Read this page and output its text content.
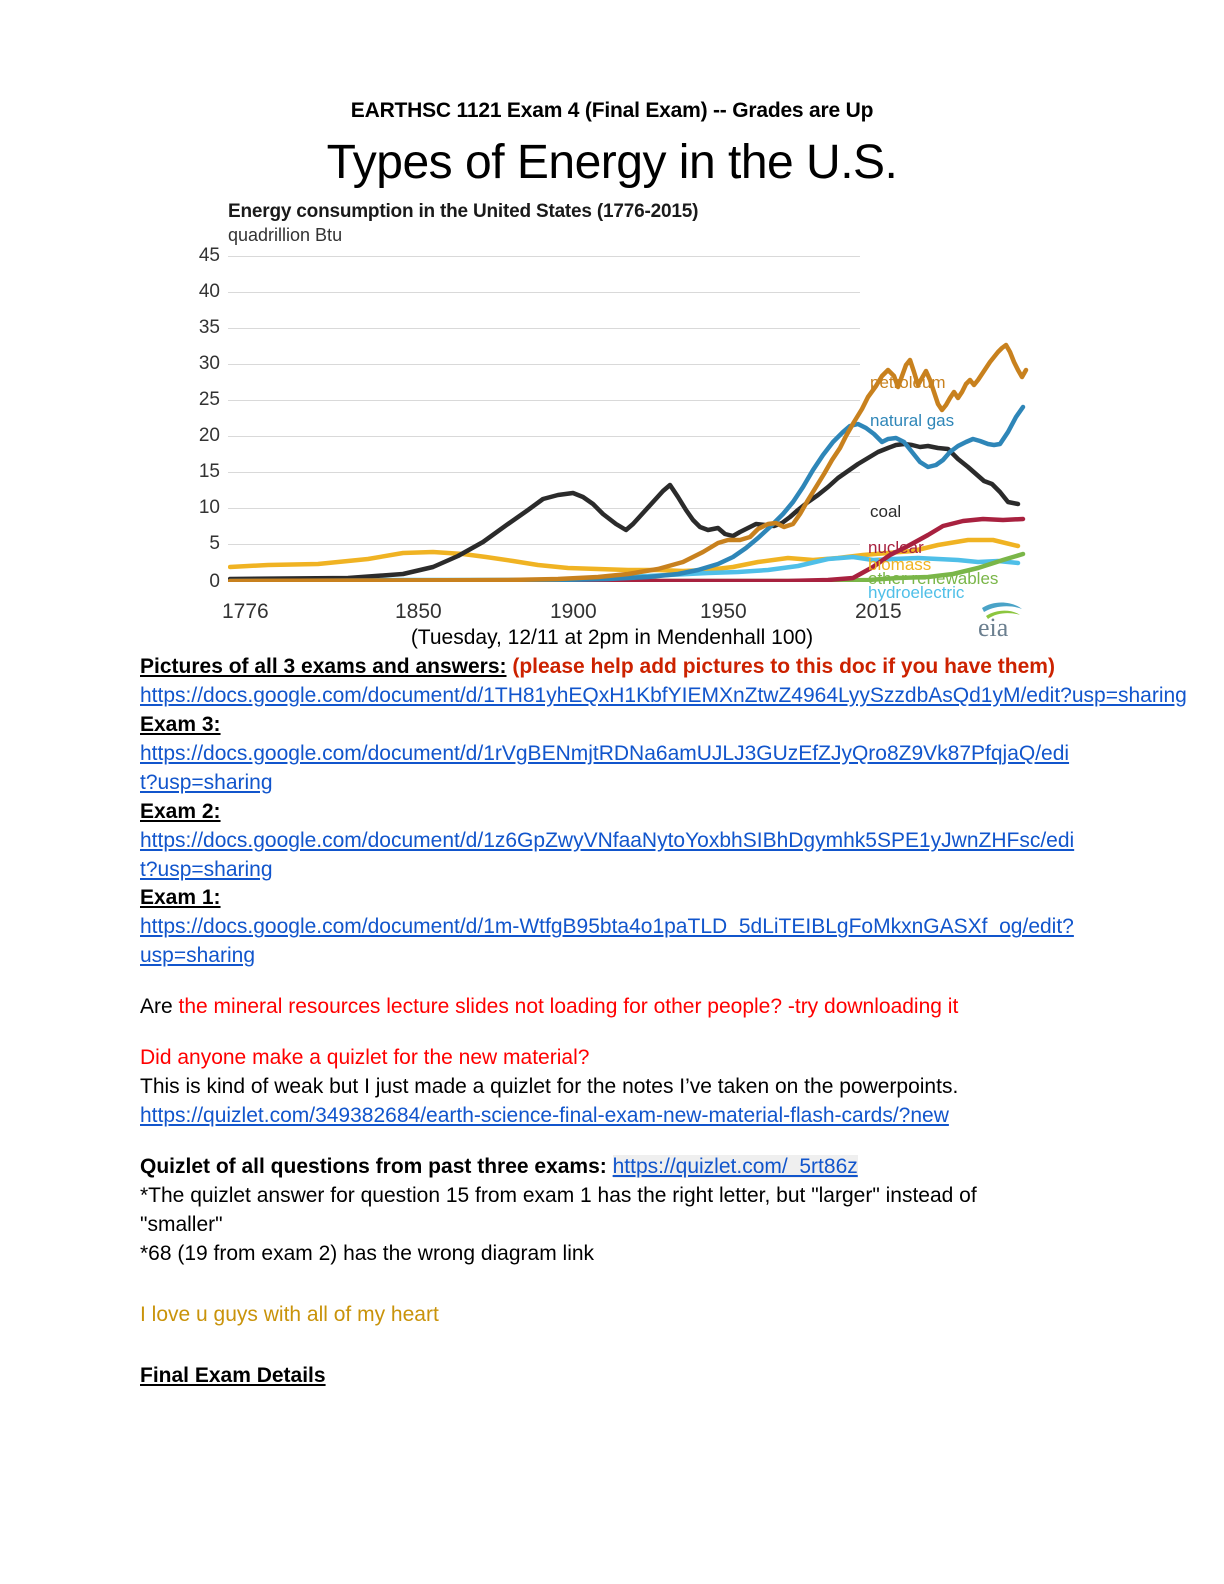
EARTHSC 1121 Exam 4 (Final Exam) -- Grades are Up
Types of Energy in the U.S.
Energy consumption in the United States (1776-2015)
quadrillion Btu
45
40
35
30
25
20
15
10
5
0
1776	1850	1900	1950	2015
petroleum
natural gas
coal
nuclear
biomass
other renewables
hydroelectric
eia
(Tuesday, 12/11 at 2pm in Mendenhall 100)

Pictures of all 3 exams and answers: (please help add pictures to this doc if you have them)

https://docs.google.com/document/d/1TH81yhEQxH1KbfYIEMXnZtwZ4964LyySzzdbAsQd1yM/edit?usp=sharing

Exam 3:

https://docs.google.com/document/d/1rVgBENmjtRDNa6amUJLJ3GUzEfZJyQro8Z9Vk87PfqjaQ/edit?usp=sharing

Exam 2:

https://docs.google.com/document/d/1z6GpZwyVNfaaNytoYoxbhSIBhDgymhk5SPE1yJwnZHFsc/edit?usp=sharing

Exam 1:

https://docs.google.com/document/d/1m-WtfgB95bta4o1paTLD_5dLiTEIBLgFoMkxnGASXf_og/edit?usp=sharing

Are the mineral resources lecture slides not loading for other people? -try downloading it

Did anyone make a quizlet for the new material?

This is kind of weak but I just made a quizlet for the notes I’ve taken on the powerpoints.

https://quizlet.com/349382684/earth-science-final-exam-new-material-flash-cards/?new

Quizlet of all questions from past three exams: https://quizlet.com/_5rt86z

*The quizlet answer for question 15 from exam 1 has the right letter, but "larger" instead of

"smaller"

*68 (19 from exam 2) has the wrong diagram link

I love u guys with all of my heart

Final Exam Details
